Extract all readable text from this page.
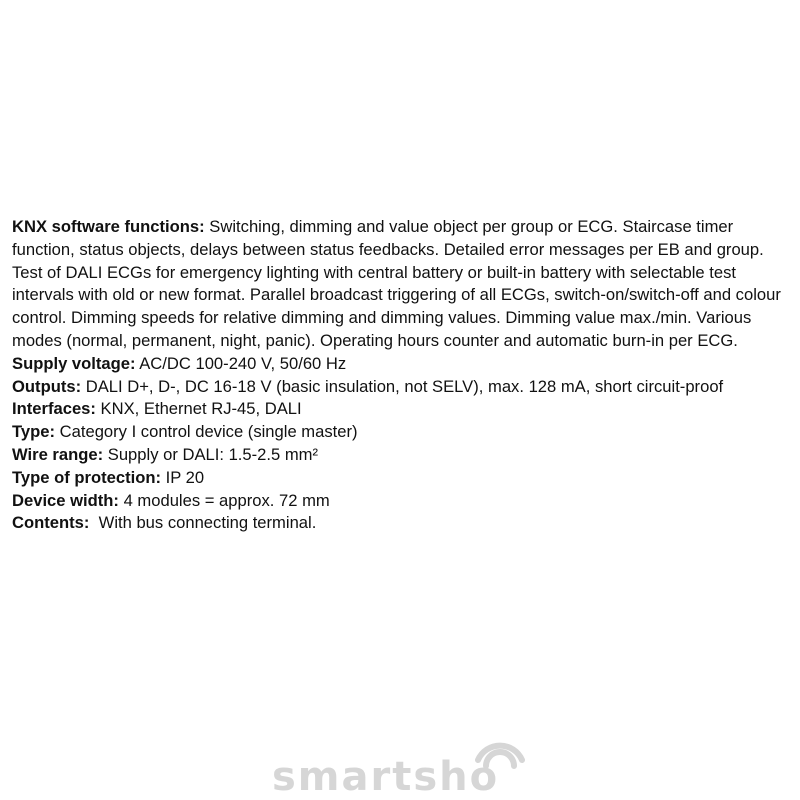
KNX software functions: Switching, dimming and value object per group or ECG. Staircase timer function, status objects, delays between status feedbacks. Detailed error messages per EB and group. Test of DALI ECGs for emergency lighting with central battery or built-in battery with selectable test intervals with old or new format. Parallel broadcast triggering of all ECGs, switch-on/switch-off and colour control. Dimming speeds for relative dimming and dimming values. Dimming value max./min. Various modes (normal, permanent, night, panic). Operating hours counter and automatic burn-in per ECG.

Supply voltage: AC/DC 100-240 V, 50/60 Hz

Outputs: DALI D+, D-, DC 16-18 V (basic insulation, not SELV), max. 128 mA, short circuit-proof

Interfaces: KNX, Ethernet RJ-45, DALI

Type: Category I control device (single master)

Wire range: Supply or DALI: 1.5-2.5 mm²

Type of protection: IP 20

Device width: 4 modules = approx. 72 mm

Contents:  With bus connecting terminal.

smartsho
